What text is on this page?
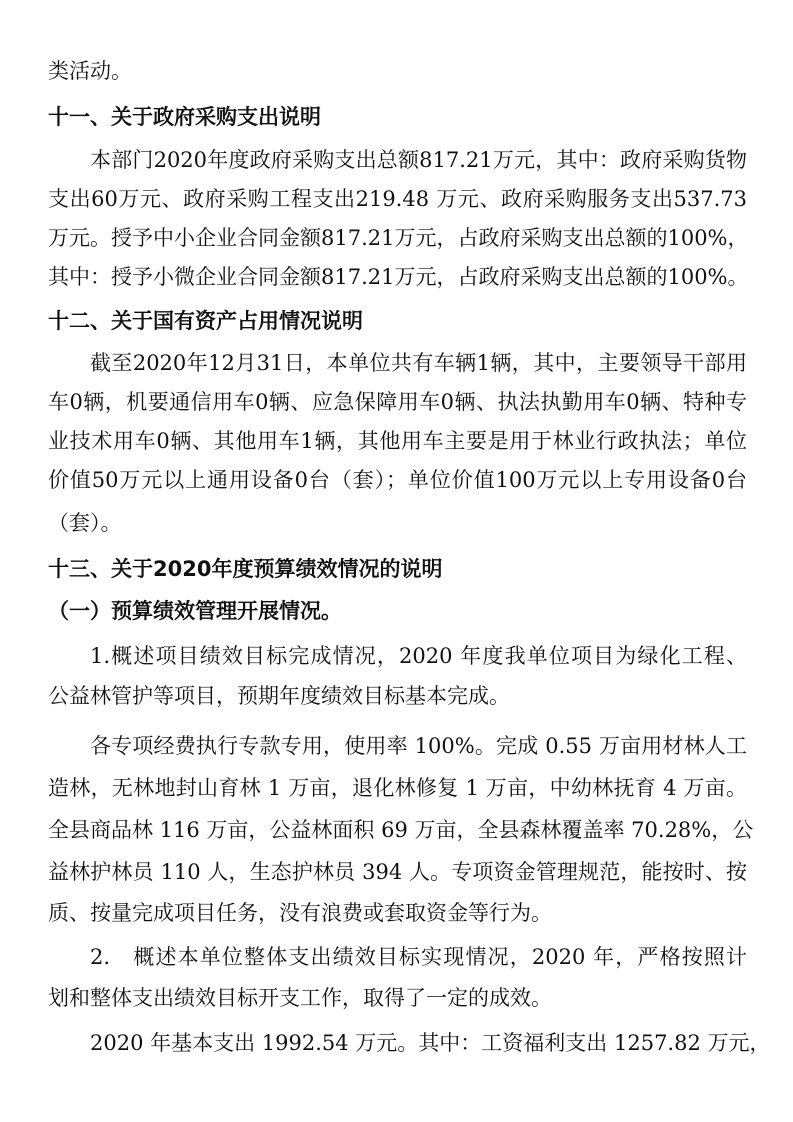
类活动。
十一、关于政府采购支出说明
本部门2020年度政府采购支出总额817.21万元，其中：政府采购货物
支出60万元、政府采购工程支出219.48 万元、政府采购服务支出537.73
万元。授予中小企业合同金额817.21万元，占政府采购支出总额的100%，
其中：授予小微企业合同金额817.21万元，占政府采购支出总额的100%。
十二、关于国有资产占用情况说明
截至2020年12月31日，本单位共有车辆1辆，其中，主要领导干部用
车0辆，机要通信用车0辆、应急保障用车0辆、执法执勤用车0辆、特种专
业技术用车0辆、其他用车1辆，其他用车主要是用于林业行政执法；单位
价值50万元以上通用设备0台（套）；单位价值100万元以上专用设备0台
（套）。
十三、关于2020年度预算绩效情况的说明
（一）预算绩效管理开展情况。
1.概述项目绩效目标完成情况，2020 年度我单位项目为绿化工程、
公益林管护等项目，预期年度绩效目标基本完成。
各专项经费执行专款专用，使用率 100%。完成 0.55 万亩用材林人工
造林，无林地封山育林 1 万亩，退化林修复 1 万亩，中幼林抚育 4 万亩。
全县商品林 116 万亩，公益林面积 69 万亩，全县森林覆盖率 70.28%，公
益林护林员 110 人，生态护林员 394 人。专项资金管理规范，能按时、按
质、按量完成项目任务，没有浪费或套取资金等行为。
2.　概述本单位整体支出绩效目标实现情况，2020 年，严格按照计
划和整体支出绩效目标开支工作，取得了一定的成效。
2020 年基本支出 1992.54 万元。其中：工资福利支出 1257.82 万元，
